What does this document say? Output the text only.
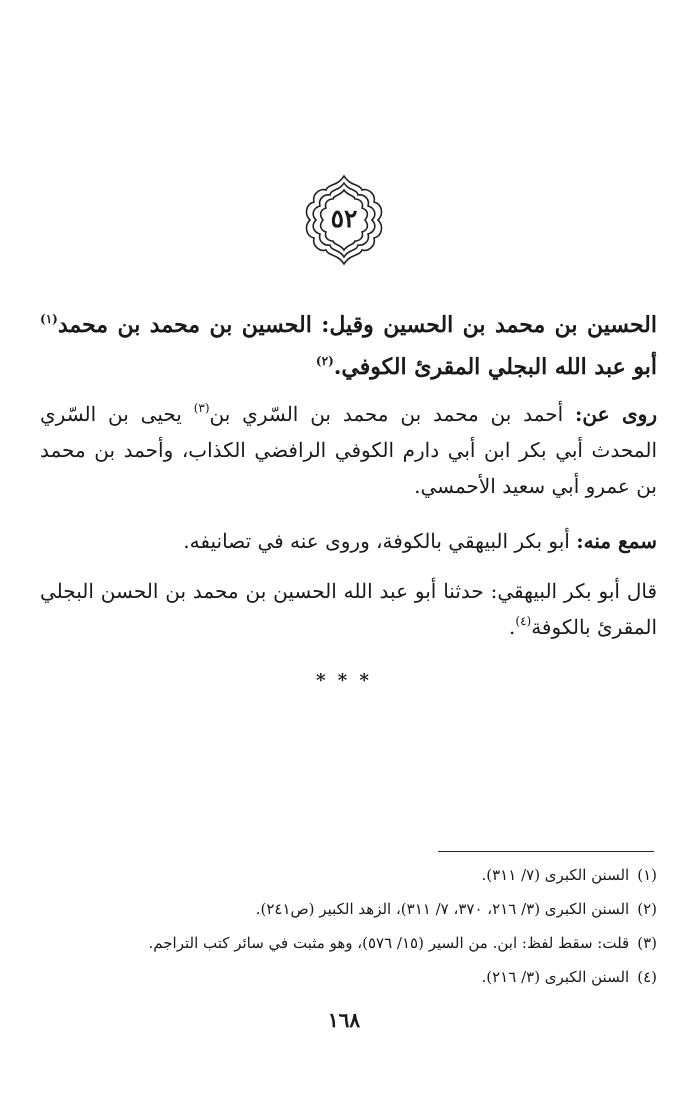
٥٢
الحسين بن محمد بن الحسين وقيل: الحسين بن محمد بن محمد$^{(١)}$ أبو عبد الله البجلي المقرئ الكوفي.$^{(٢)}$
روى عن: أحمد بن محمد بن محمد بن السّري بن$^{(٣)}$ يحيى بن السّري المحدث أبي بكر ابن أبي دارم الكوفي الرافضي الكذاب، وأحمد بن محمد بن عمرو أبي سعيد الأحمسي.
سمع منه: أبو بكر البيهقي بالكوفة، وروى عنه في تصانيفه.
قال أبو بكر البيهقي: حدثنا أبو عبد الله الحسين بن محمد بن الحسن البجلي المقرئ بالكوفة$^{(٤)}$.
* * *
(١)السنن الكبرى (٧/ ٣١١).
(٢)السنن الكبرى (٣/ ٢١٦، ٣٧٠، ٧/ ٣١١)، الزهد الكبير (ص٢٤١).
(٣)قلت: سقط لفظ: ابن. من السير (١٥/ ٥٧٦)، وهو مثبت في سائر كتب التراجم.
(٤)السنن الكبرى (٣/ ٢١٦).
١٦٨
